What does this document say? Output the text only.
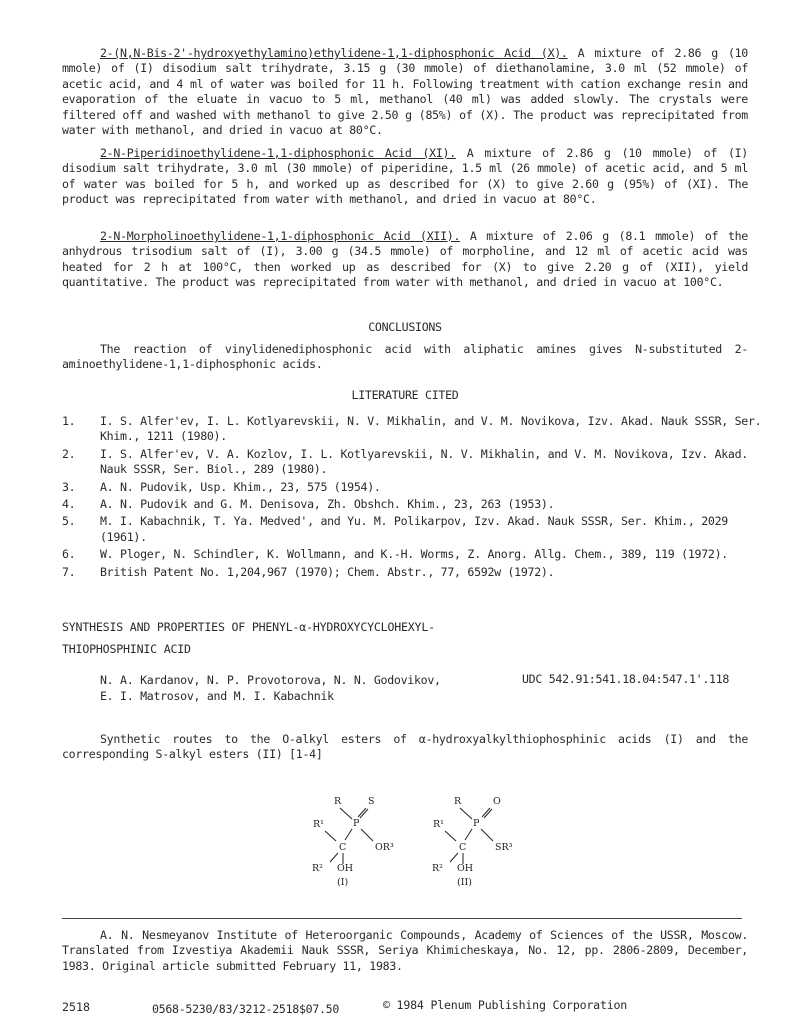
2-(N,N-Bis-2'-hydroxyethylamino)ethylidene-1,1-diphosphonic Acid (X). A mixture of 2.86 g (10 mmole) of (I) disodium salt trihydrate, 3.15 g (30 mmole) of diethanolamine, 3.0 ml (52 mmole) of acetic acid, and 4 ml of water was boiled for 11 h. Following treatment with cation exchange resin and evaporation of the eluate in vacuo to 5 ml, methanol (40 ml) was added slowly. The crystals were filtered off and washed with methanol to give 2.50 g (85%) of (X). The product was reprecipitated from water with methanol, and dried in vacuo at 80°C.

2-N-Piperidinoethylidene-1,1-diphosphonic Acid (XI). A mixture of 2.86 g (10 mmole) of (I) disodium salt trihydrate, 3.0 ml (30 mmole) of piperidine, 1.5 ml (26 mmole) of acetic acid, and 5 ml of water was boiled for 5 h, and worked up as described for (X) to give 2.60 g (95%) of (XI). The product was reprecipitated from water with methanol, and dried in vacuo at 80°C.

2-N-Morpholinoethylidene-1,1-diphosphonic Acid (XII). A mixture of 2.06 g (8.1 mmole) of the anhydrous trisodium salt of (I), 3.00 g (34.5 mmole) of morpholine, and 12 ml of acetic acid was heated for 2 h at 100°C, then worked up as described for (X) to give 2.20 g of (XII), yield quantitative. The product was reprecipitated from water with methanol, and dried in vacuo at 100°C.

CONCLUSIONS

The reaction of vinylidenediphosphonic acid with aliphatic amines gives N-substituted 2-aminoethylidene-1,1-diphosphonic acids.

LITERATURE CITED

1. I. S. Alfer'ev, I. L. Kotlyarevskii, N. V. Mikhalin, and V. M. Novikova, Izv. Akad. Nauk SSSR, Ser. Khim., 1211 (1980).
2. I. S. Alfer'ev, V. A. Kozlov, I. L. Kotlyarevskii, N. V. Mikhalin, and V. M. Novikova, Izv. Akad. Nauk SSSR, Ser. Biol., 289 (1980).
3. A. N. Pudovik, Usp. Khim., 23, 575 (1954).
4. A. N. Pudovik and G. M. Denisova, Zh. Obshch. Khim., 23, 263 (1953).
5. M. I. Kabachnik, T. Ya. Medved', and Yu. M. Polikarpov, Izv. Akad. Nauk SSSR, Ser. Khim., 2029 (1961).
6. W. Ploger, N. Schindler, K. Wollmann, and K.-H. Worms, Z. Anorg. Allg. Chem., 389, 119 (1972).
7. British Patent No. 1,204,967 (1970); Chem. Abstr., 77, 6592w (1972).

SYNTHESIS AND PROPERTIES OF PHENYL-α-HYDROXYCYCLOHEXYL-

THIOPHOSPHINIC ACID

N. A. Kardanov, N. P. Provotorova, N. N. Godovikov,
E. I. Matrosov, and M. I. Kabachnik
UDC 542.91:541.18.04:547.1'.118

Synthetic routes to the O-alkyl esters of α-hydroxyalkylthiophosphinic acids (I) and the corresponding S-alkyl esters (II) [1-4]

R	S
P
R¹
OR³
C
R² OH
(I)
R	O
P
R¹
SR³
C
R² OH
(II)

A. N. Nesmeyanov Institute of Heteroorganic Compounds, Academy of Sciences of the USSR, Moscow. Translated from Izvestiya Akademii Nauk SSSR, Seriya Khimicheskaya, No. 12, pp. 2806-2809, December, 1983. Original article submitted February 11, 1983.

2518	0568-5230/83/3212-2518$07.50	© 1984 Plenum Publishing Corporation
